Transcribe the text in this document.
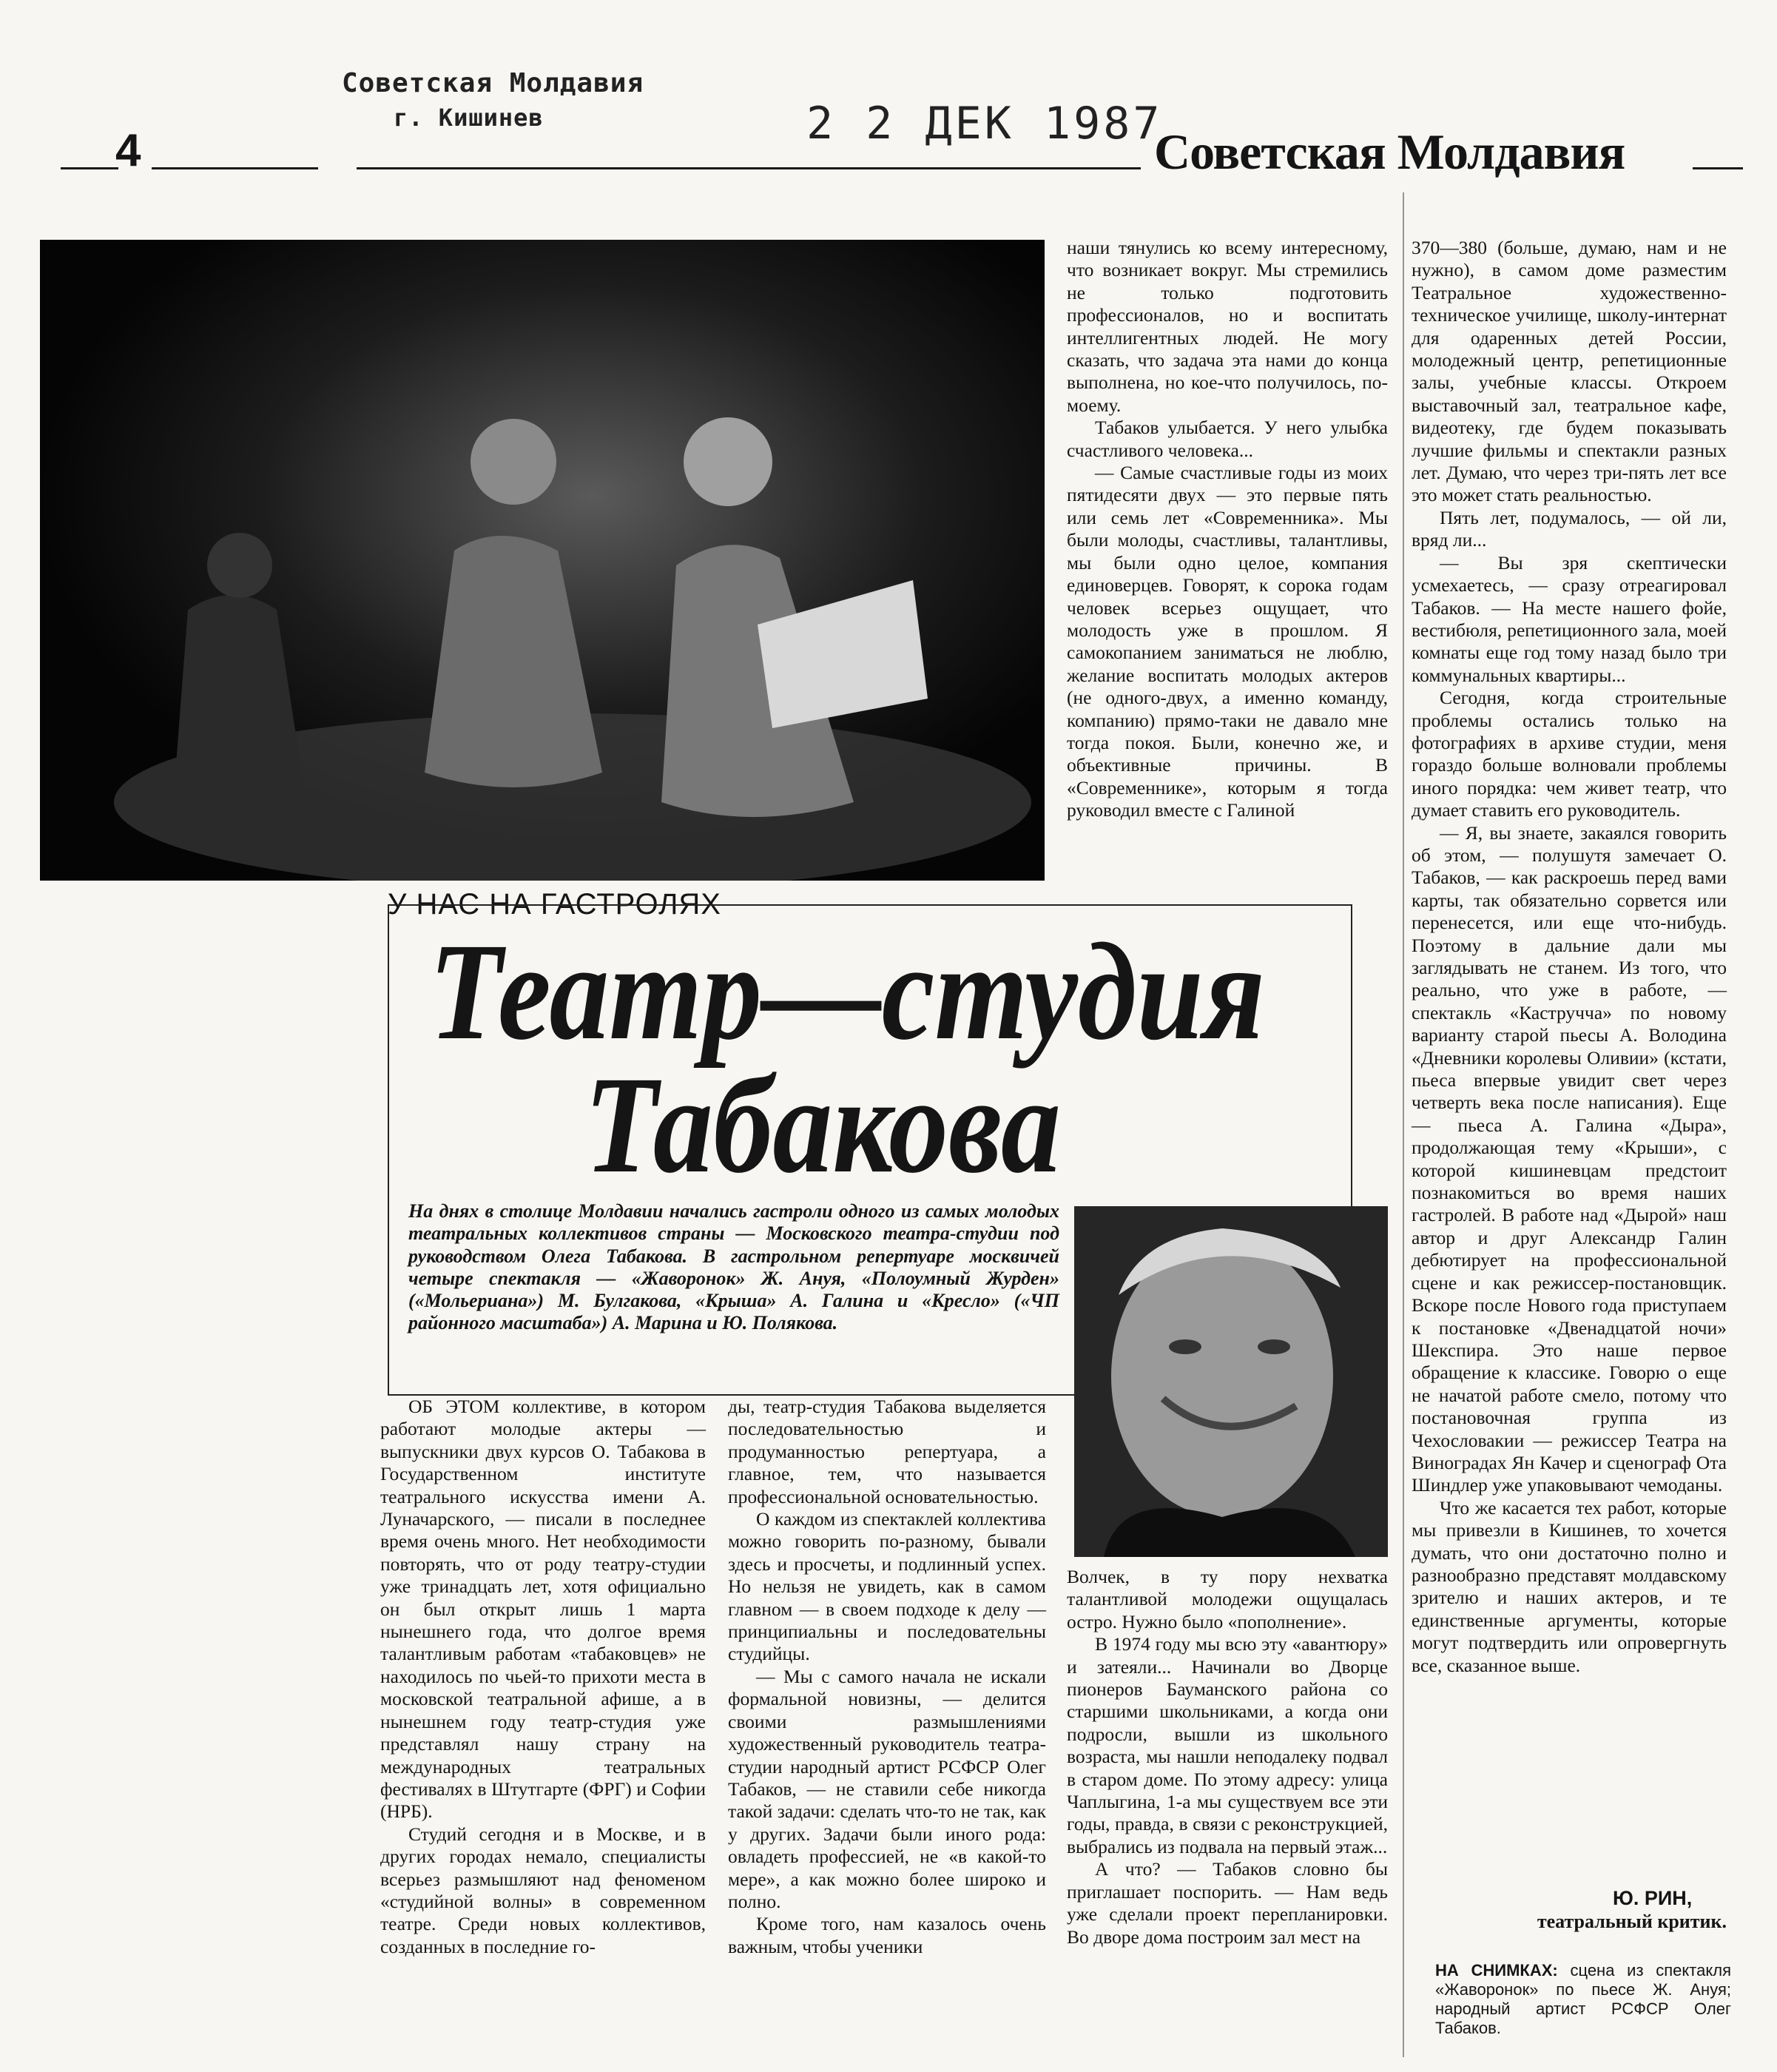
Советская Молдавия
г. Кишинев	2 2 ДЕК 1987
4	Советская Молдавия
У НАС НА ГАСТРОЛЯХ
Театр—студия
Табакова
На днях в столице Молдавии начались гастроли одного из самых молодых театральных коллективов страны — Московского театра-студии под руководством Олега Табакова. В гастрольном репертуаре москвичей четыре спектакля — «Жаворонок» Ж. Ануя, «Полоумный Журден» («Мольериана») М. Булгакова, «Крыша» А. Галина и «Кресло» («ЧП районного масштаба») А. Марина и Ю. Полякова.

ОБ ЭТОМ коллективе, в котором работают молодые актеры — выпускники двух курсов О. Табакова в Государственном институте театрального искусства имени А. Луначарского, — писали в последнее время очень много. Нет необходимости повторять, что от роду театру-студии уже тринадцать лет, хотя официально он был открыт лишь 1 марта нынешнего года, что долгое время талантливым работам «табаковцев» не находилось по чьей-то прихоти места в московской театральной афише, а в нынешнем году театр-студия уже представлял нашу страну на международных театральных фестивалях в Штутгарте (ФРГ) и Софии (НРБ).

Студий сегодня и в Москве, и в других городах немало, специалисты всерьез размышляют над феноменом «студийной волны» в современном театре. Среди новых коллективов, созданных в последние го-

ды, театр-студия Табакова выделяется последовательностью и продуманностью репертуара, а главное, тем, что называется профессиональной основательностью.

О каждом из спектаклей коллектива можно говорить по-разному, бывали здесь и просчеты, и подлинный успех. Но нельзя не увидеть, как в самом главном — в своем подходе к делу — принципиальны и последовательны студийцы.

— Мы с самого начала не искали формальной новизны, — делится своими размышлениями художественный руководитель театра-студии народный артист РСФСР Олег Табаков, — не ставили себе никогда такой задачи: сделать что-то не так, как у других. Задачи были иного рода: овладеть профессией, не «в какой-то мере», а как можно более широко и полно.

Кроме того, нам казалось очень важным, чтобы ученики

наши тянулись ко всему интересному, что возникает вокруг. Мы стремились не только подготовить профессионалов, но и воспитать интеллигентных людей. Не могу сказать, что задача эта нами до конца выполнена, но кое-что получилось, по-моему.

Табаков улыбается. У него улыбка счастливого человека...

— Самые счастливые годы из моих пятидесяти двух — это первые пять или семь лет «Современника». Мы были молоды, счастливы, талантливы, мы были одно целое, компания единоверцев. Говорят, к сорока годам человек всерьез ощущает, что молодость уже в прошлом. Я самокопанием заниматься не люблю, желание воспитать молодых актеров (не одного-двух, а именно команду, компанию) прямо-таки не давало мне тогда покоя. Были, конечно же, и объективные причины. В «Современнике», которым я тогда руководил вместе с Галиной

Волчек, в ту пору нехватка талантливой молодежи ощущалась остро. Нужно было «пополнение».

В 1974 году мы всю эту «авантюру» и затеяли... Начинали во Дворце пионеров Бауманского района со старшими школьниками, а когда они подросли, вышли из школьного возраста, мы нашли неподалеку подвал в старом доме. По этому адресу: улица Чаплыгина, 1-а мы существуем все эти годы, правда, в связи с реконструкцией, выбрались из подвала на первый этаж...

А что? — Табаков словно бы приглашает поспорить. — Нам ведь уже сделали проект перепланировки. Во дворе дома построим зал мест на

370—380 (больше, думаю, нам и не нужно), в самом доме разместим Театральное художественно-техническое училище, школу-интернат для одаренных детей России, молодежный центр, репетиционные залы, учебные классы. Откроем выставочный зал, театральное кафе, видеотеку, где будем показывать лучшие фильмы и спектакли разных лет. Думаю, что через три-пять лет все это может стать реальностью.

Пять лет, подумалось, — ой ли, вряд ли...

— Вы зря скептически усмехаетесь, — сразу отреагировал Табаков. — На месте нашего фойе, вестибюля, репетиционного зала, моей комнаты еще год тому назад было три коммунальных квартиры...

Сегодня, когда строительные проблемы остались только на фотографиях в архиве студии, меня гораздо больше волновали проблемы иного порядка: чем живет театр, что думает ставить его руководитель.

— Я, вы знаете, закаялся говорить об этом, — полушутя замечает О. Табаков, — как раскроешь перед вами карты, так обязательно сорвется или перенесется, или еще что-нибудь. Поэтому в дальние дали мы заглядывать не станем. Из того, что реально, что уже в работе, — спектакль «Кастручча» по новому варианту старой пьесы А. Володина «Дневники королевы Оливии» (кстати, пьеса впервые увидит свет через четверть века после написания). Еще — пьеса А. Галина «Дыра», продолжающая тему «Крыши», с которой кишиневцам предстоит познакомиться во время наших гастролей. В работе над «Дырой» наш автор и друг Александр Галин дебютирует на профессиональной сцене и как режиссер-постановщик. Вскоре после Нового года приступаем к постановке «Двенадцатой ночи» Шекспира. Это наше первое обращение к классике. Говорю о еще не начатой работе смело, потому что постановочная группа из Чехословакии — режиссер Театра на Виноградах Ян Качер и сценограф Ота Шиндлер уже упаковывают чемоданы.

Что же касается тех работ, которые мы привезли в Кишинев, то хочется думать, что они достаточно полно и разнообразно представят молдавскому зрителю и наших актеров, и те единственные аргументы, которые могут подтвердить или опровергнуть все, сказанное выше.

Ю. РИН,
театральный критик.
НА СНИМКАХ: сцена из спектакля «Жаворонок» по пьесе Ж. Ануя; народный артист РСФСР Олег Табаков.
